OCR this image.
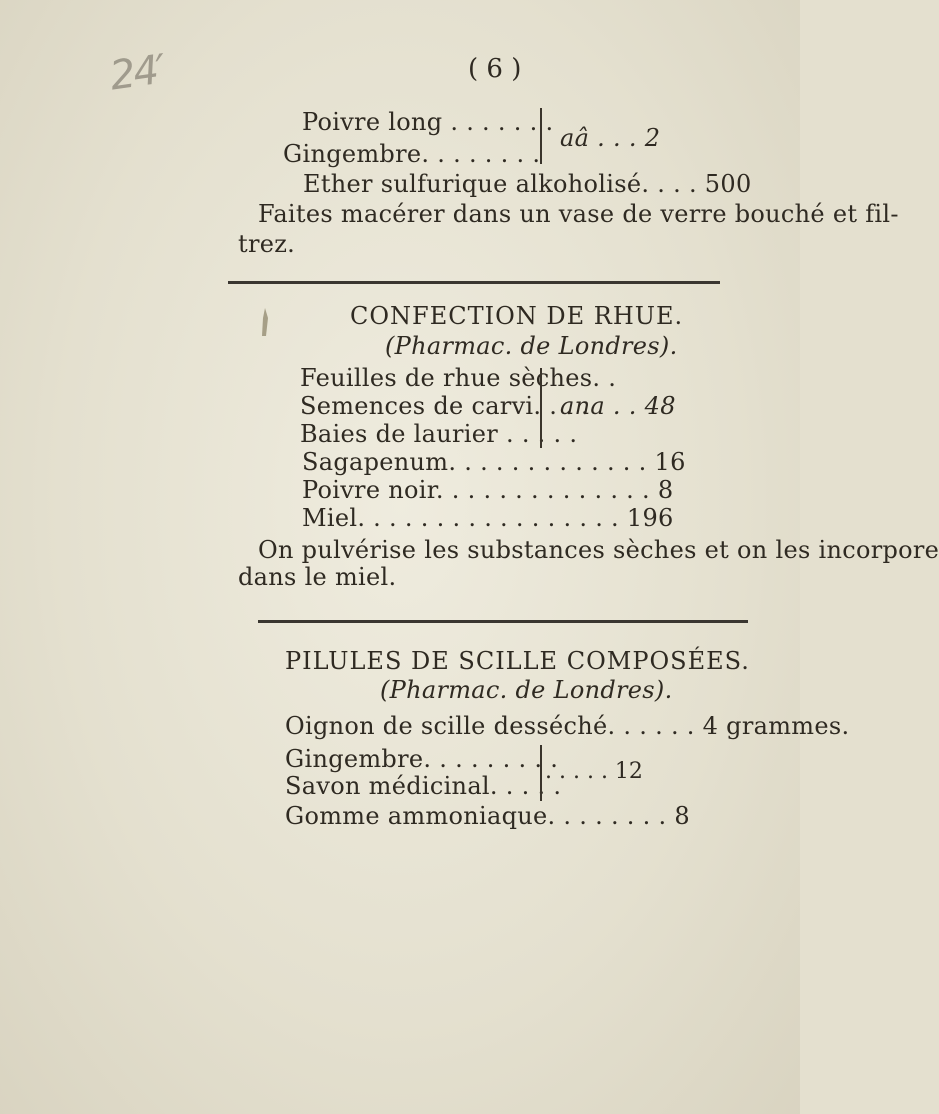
24′	( 6 )
Poivre long . . . . . . .
Gingembre. . . . . . . .
aâ . . . 2
Ether sulfurique alkoholisé. . . . 500
Faites macérer dans un vase de verre bouché et fil-
trez.
CONFECTION DE RHUE.
(Pharmac. de Londres).
Feuilles de rhue sèches. .
Semences de carvi. . . .
Baies de laurier . . . . .
ana . . 48
Sagapenum. . . . . . . . . . . . . 16
Poivre noir. . . . . . . . . . . . . . 8
Miel. . . . . . . . . . . . . . . . . 196
On pulvérise les substances sèches et on les incorpore
dans le miel.
PILULES DE SCILLE COMPOSÉES.
(Pharmac. de Londres).
Oignon de scille desséché. . . . . . 4 grammes.
Gingembre. . . . . . . . .
Savon médicinal. . . . .
. . . . . 12
Gomme ammoniaque. . . . . . . . 8
